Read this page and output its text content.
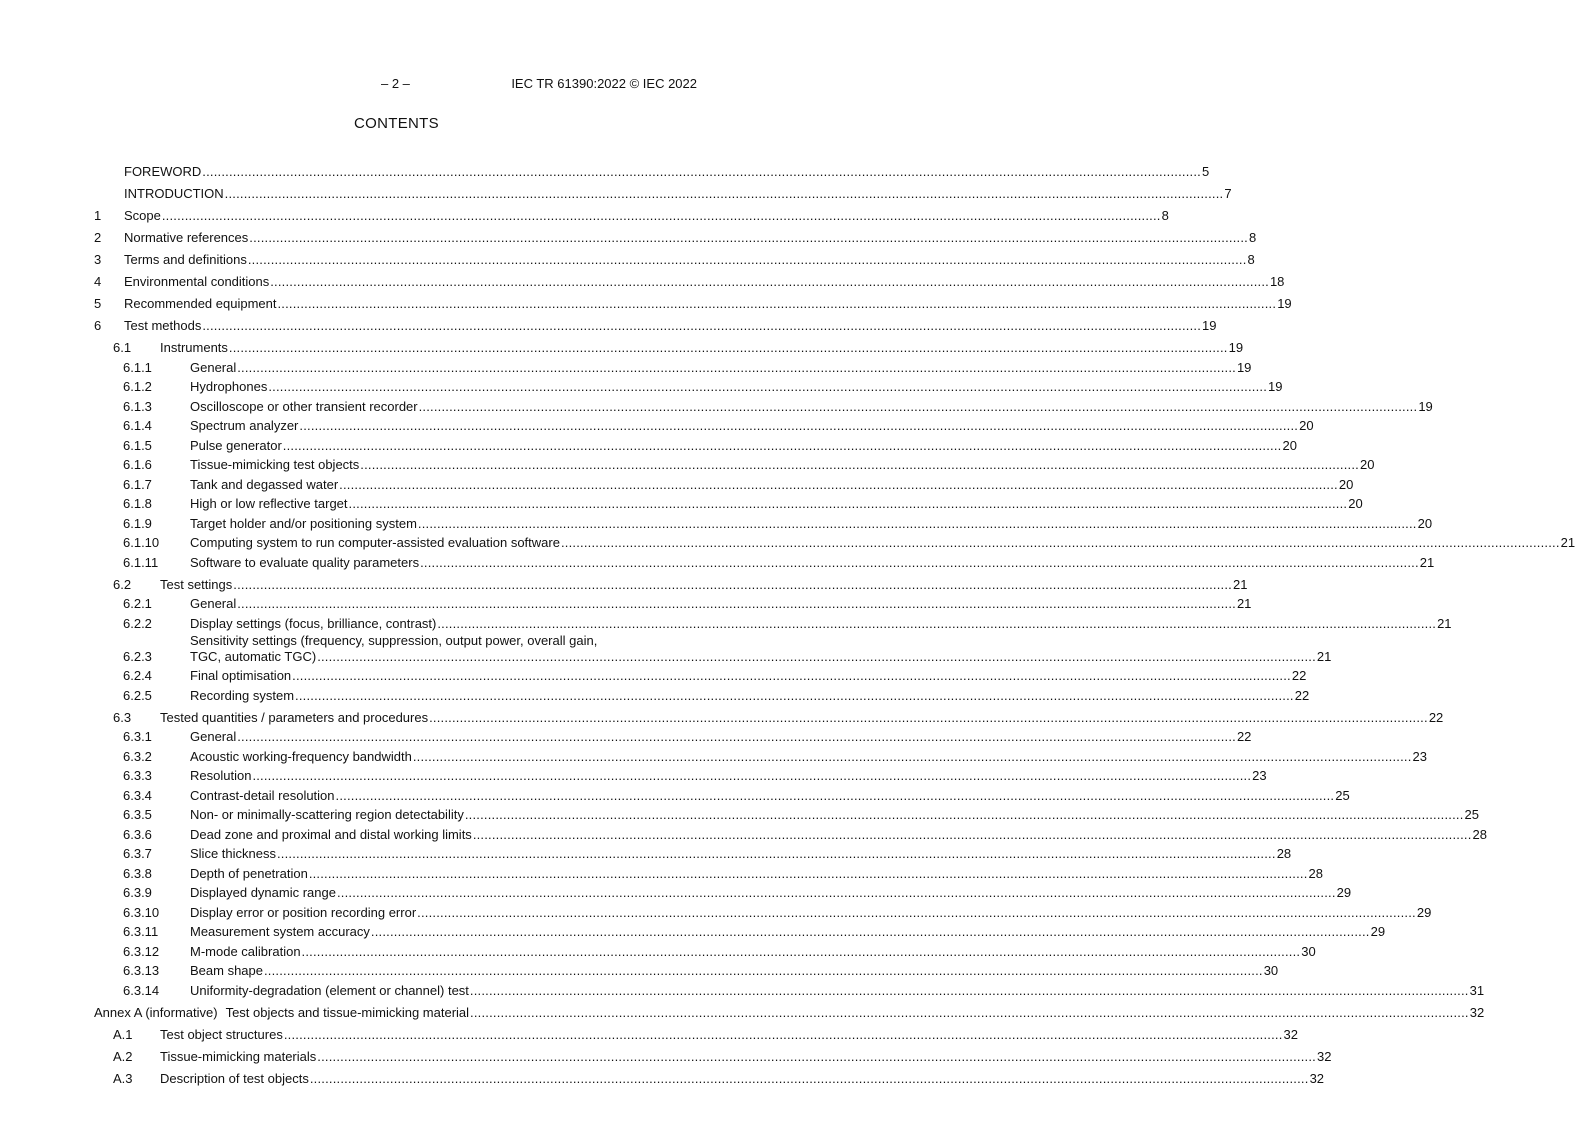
– 2 –	IEC TR 61390:2022 © IEC 2022
CONTENTS
FOREWORD .....	5
INTRODUCTION .....	7
1	Scope .....	8
2	Normative references .....	8
3	Terms and definitions .....	8
4	Environmental conditions .....	18
5	Recommended equipment .....	19
6	Test methods .....	19
6.1	Instruments .....	19
6.1.1	General .....	19
6.1.2	Hydrophones .....	19
6.1.3	Oscilloscope or other transient recorder .....	19
6.1.4	Spectrum analyzer .....	20
6.1.5	Pulse generator .....	20
6.1.6	Tissue-mimicking test objects .....	20
6.1.7	Tank and degassed water .....	20
6.1.8	High or low reflective target .....	20
6.1.9	Target holder and/or positioning system .....	20
6.1.10	Computing system to run computer-assisted evaluation software .....	21
6.1.11	Software to evaluate quality parameters .....	21
6.2	Test settings .....	21
6.2.1	General .....	21
6.2.2	Display settings (focus, brilliance, contrast) .....	21
6.2.3
Sensitivity settings (frequency, suppression, output power, overall gain,
TGC, automatic TGC) .....	21
6.2.4	Final optimisation .....	22
6.2.5	Recording system .....	22
6.3	Tested quantities / parameters and procedures .....	22
6.3.1	General .....	22
6.3.2	Acoustic working-frequency bandwidth .....	23
6.3.3	Resolution .....	23
6.3.4	Contrast-detail resolution .....	25
6.3.5	Non- or minimally-scattering region detectability .....	25
6.3.6	Dead zone and proximal and distal working limits .....	28
6.3.7	Slice thickness .....	28
6.3.8	Depth of penetration .....	28
6.3.9	Displayed dynamic range .....	29
6.3.10	Display error or position recording error .....	29
6.3.11	Measurement system accuracy .....	29
6.3.12	M-mode calibration .....	30
6.3.13	Beam shape .....	30
6.3.14	Uniformity-degradation (element or channel) test .....	31
Annex A (informative) Test objects and tissue-mimicking material .....	32
A.1	Test object structures .....	32
A.2	Tissue-mimicking materials .....	32
A.3	Description of test objects .....	32
